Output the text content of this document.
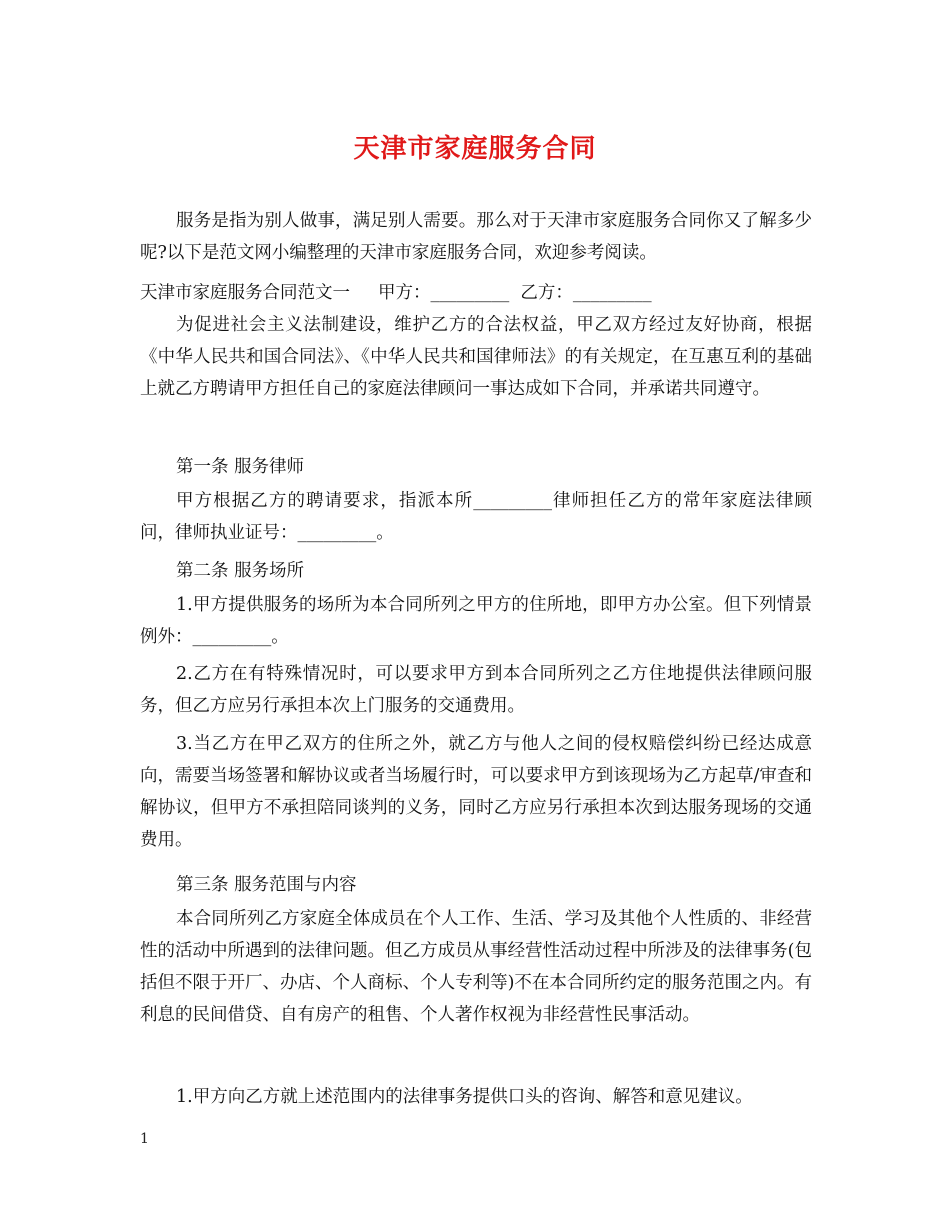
天津市家庭服务合同

服务是指为别人做事，满足别人需要。那么对于天津市家庭服务合同你又了解多少呢?以下是范文网小编整理的天津市家庭服务合同，欢迎参考阅读。

天津市家庭服务合同范文一 甲方：_________ 乙方：_________

为促进社会主义法制建设，维护乙方的合法权益，甲乙双方经过友好协商，根据《中华人民共和国合同法》、《中华人民共和国律师法》的有关规定，在互惠互利的基础上就乙方聘请甲方担任自己的家庭法律顾问一事达成如下合同，并承诺共同遵守。

第一条 服务律师

甲方根据乙方的聘请要求，指派本所_________律师担任乙方的常年家庭法律顾问，律师执业证号：_________。

第二条 服务场所

1.甲方提供服务的场所为本合同所列之甲方的住所地，即甲方办公室。但下列情景例外：_________。

2.乙方在有特殊情况时，可以要求甲方到本合同所列之乙方住地提供法律顾问服务，但乙方应另行承担本次上门服务的交通费用。

3.当乙方在甲乙双方的住所之外，就乙方与他人之间的侵权赔偿纠纷已经达成意向，需要当场签署和解协议或者当场履行时，可以要求甲方到该现场为乙方起草/审查和解协议，但甲方不承担陪同谈判的义务，同时乙方应另行承担本次到达服务现场的交通费用。

第三条 服务范围与内容

本合同所列乙方家庭全体成员在个人工作、生活、学习及其他个人性质的、非经营性的活动中所遇到的法律问题。但乙方成员从事经营性活动过程中所涉及的法律事务(包括但不限于开厂、办店、个人商标、个人专利等)不在本合同所约定的服务范围之内。有利息的民间借贷、自有房产的租售、个人著作权视为非经营性民事活动。

1.甲方向乙方就上述范围内的法律事务提供口头的咨询、解答和意见建议。

1
